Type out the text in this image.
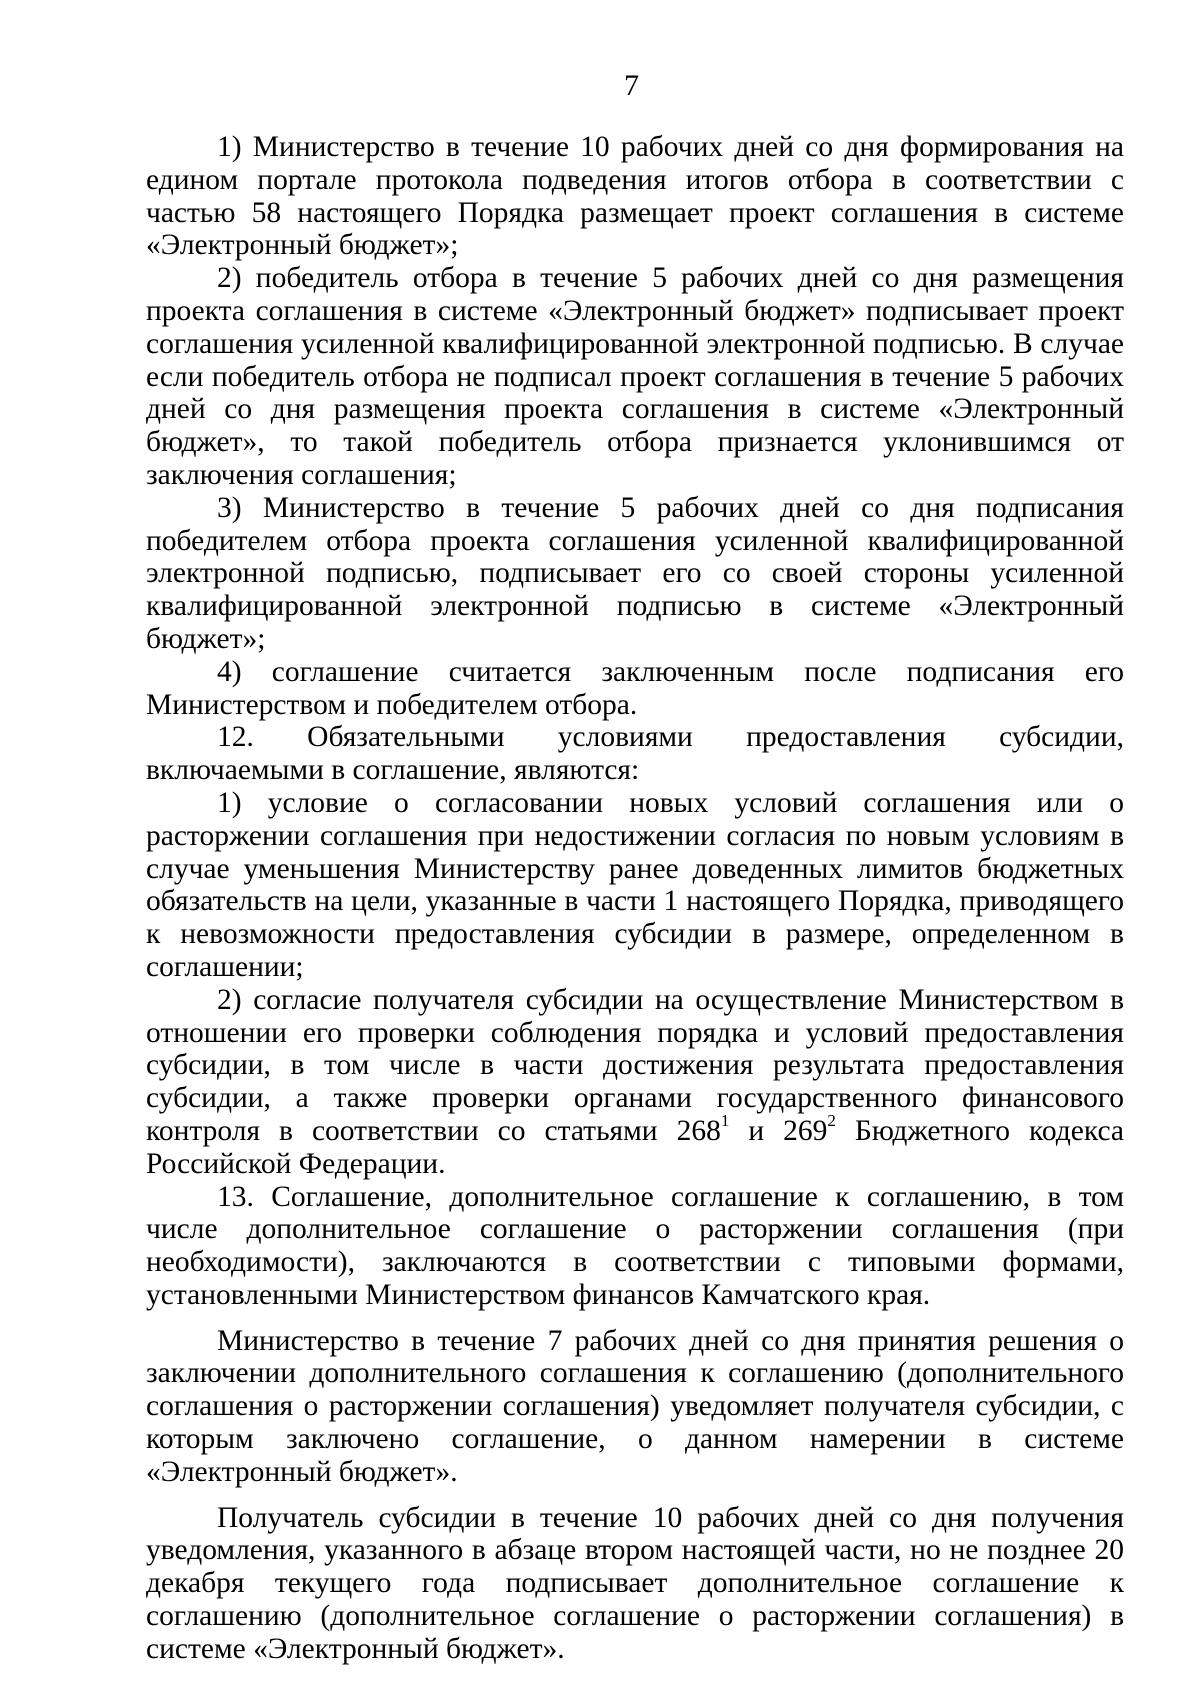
7

1) Министерство в течение 10 рабочих дней со дня формирования на едином портале протокола подведения итогов отбора в соответствии с частью 58 настоящего Порядка размещает проект соглашения в системе «Электронный бюджет»;

2) победитель отбора в течение 5 рабочих дней со дня размещения проекта соглашения в системе «Электронный бюджет» подписывает проект соглашения усиленной квалифицированной электронной подписью. В случае если победитель отбора не подписал проект соглашения в течение 5 рабочих дней со дня размещения проекта соглашения в системе «Электронный бюджет», то такой победитель отбора признается уклонившимся от заключения соглашения;

3) Министерство в течение 5 рабочих дней со дня подписания победителем отбора проекта соглашения усиленной квалифицированной электронной подписью, подписывает его со своей стороны усиленной квалифицированной электронной подписью в системе «Электронный бюджет»;

4) соглашение считается заключенным после подписания его Министерством и победителем отбора.

12. Обязательными условиями предоставления субсидии, включаемыми в соглашение, являются:

1) условие о согласовании новых условий соглашения или о расторжении соглашения при недостижении согласия по новым условиям в случае уменьшения Министерству ранее доведенных лимитов бюджетных обязательств на цели, указанные в части 1 настоящего Порядка, приводящего к невозможности предоставления субсидии в размере, определенном в соглашении;

2) согласие получателя субсидии на осуществление Министерством в отношении его проверки соблюдения порядка и условий предоставления субсидии, в том числе в части достижения результата предоставления субсидии, а также проверки органами государственного финансового контроля в соответствии со статьями $268^1$ и $269^2$ Бюджетного кодекса Российской Федерации.

13. Соглашение, дополнительное соглашение к соглашению, в том числе дополнительное соглашение о расторжении соглашения (при необходимости), заключаются в соответствии с типовыми формами, установленными Министерством финансов Камчатского края.

Министерство в течение 7 рабочих дней со дня принятия решения о заключении дополнительного соглашения к соглашению (дополнительного соглашения о расторжении соглашения) уведомляет получателя субсидии, с которым заключено соглашение, о данном намерении в системе «Электронный бюджет».

Получатель субсидии в течение 10 рабочих дней со дня получения уведомления, указанного в абзаце втором настоящей части, но не позднее 20 декабря текущего года подписывает дополнительное соглашение к соглашению (дополнительное соглашение о расторжении соглашения) в системе «Электронный бюджет».
